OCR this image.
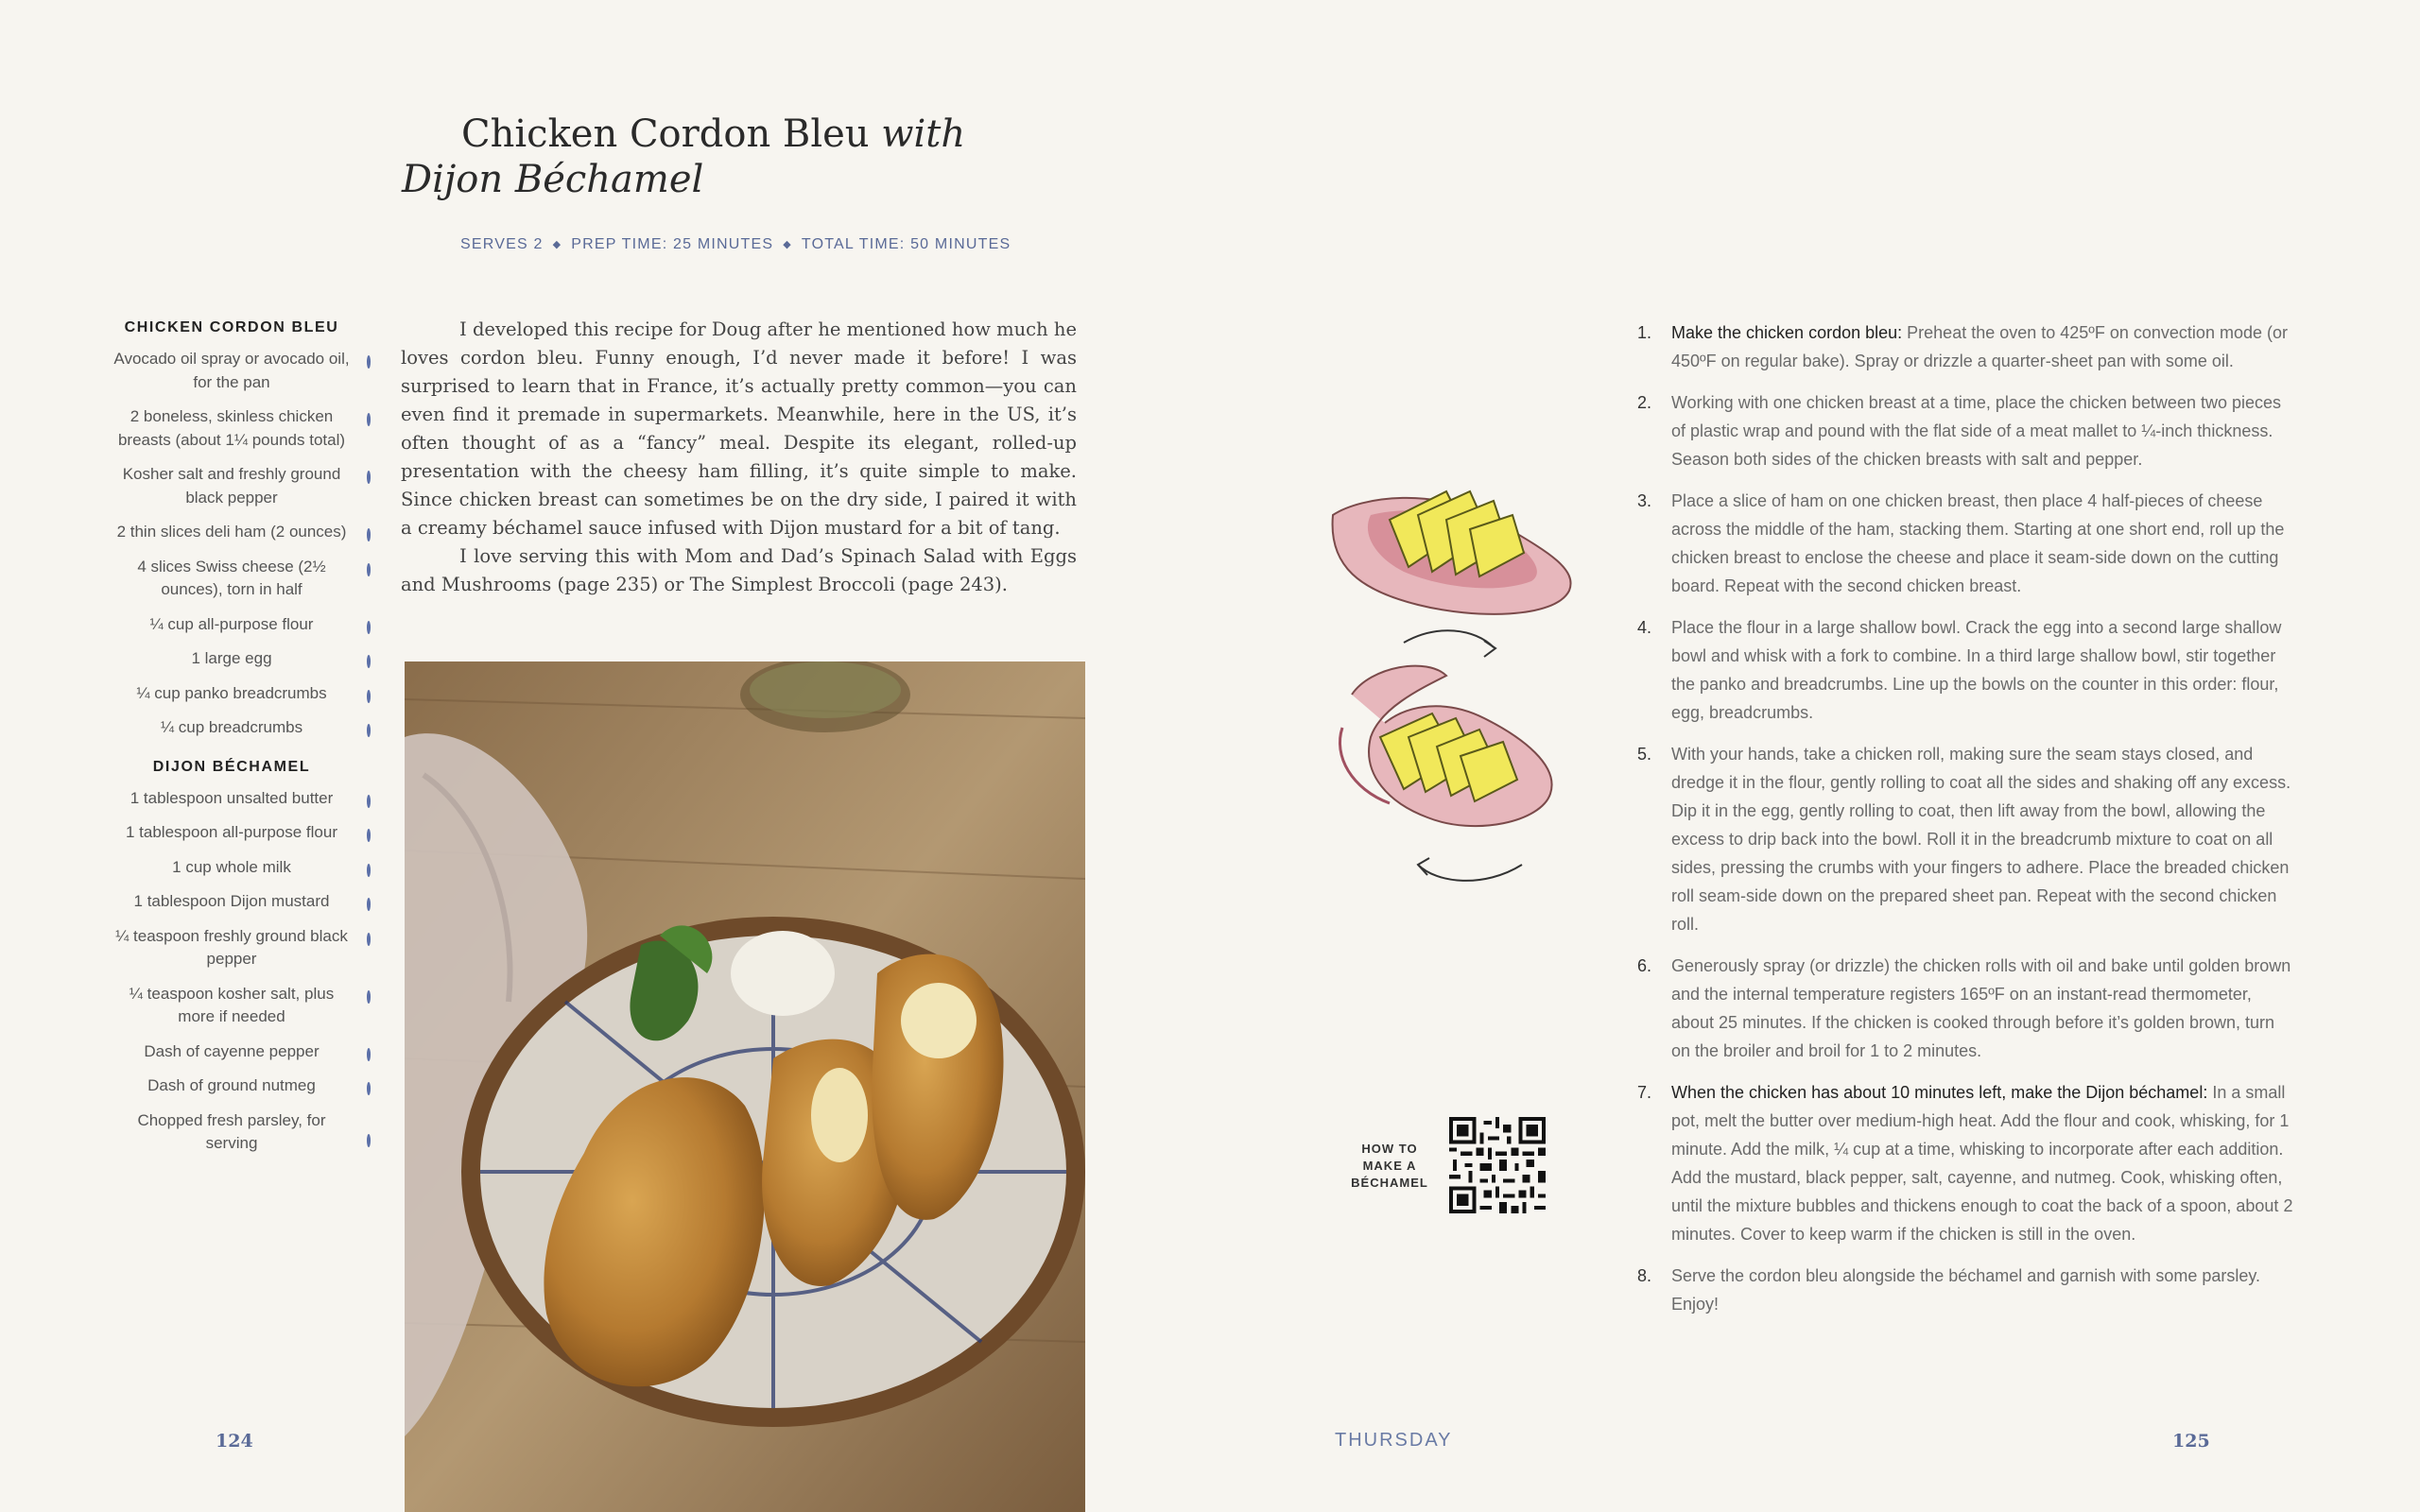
Chicken Cordon Bleu with
Dijon Béchamel
SERVES 2 ◆ PREP TIME: 25 MINUTES ◆ TOTAL TIME: 50 MINUTES
CHICKEN CORDON BLEU
Avocado oil spray or avocado oil, for the pan
2 boneless, skinless chicken breasts (about 1¼ pounds total)
Kosher salt and freshly ground black pepper
2 thin slices deli ham (2 ounces)
4 slices Swiss cheese (2½ ounces), torn in half
¼ cup all-purpose flour
1 large egg
¼ cup panko breadcrumbs
¼ cup breadcrumbs
DIJON BÉCHAMEL
1 tablespoon unsalted butter
1 tablespoon all-purpose flour
1 cup whole milk
1 tablespoon Dijon mustard
¼ teaspoon freshly ground black pepper
¼ teaspoon kosher salt, plus more if needed
Dash of cayenne pepper
Dash of ground nutmeg
Chopped fresh parsley, for serving

I developed this recipe for Doug after he mentioned how much he loves cordon bleu. Funny enough, I’d never made it before! I was surprised to learn that in France, it’s actually pretty common—you can even find it premade in supermarkets. Meanwhile, here in the US, it’s often thought of as a “fancy” meal. Despite its elegant, rolled-up presentation with the cheesy ham filling, it’s quite simple to make. Since chicken breast can sometimes be on the dry side, I paired it with a creamy béchamel sauce infused with Dijon mustard for a bit of tang.

I love serving this with Mom and Dad’s Spinach Salad with Eggs and Mushrooms (page 235) or The Simplest Broccoli (page 243).

HOW TO
MAKE A
BÉCHAMEL
1. Make the chicken cordon bleu: Preheat the oven to 425ºF on convection mode (or 450ºF on regular bake). Spray or drizzle a quarter-sheet pan with some oil.
2. Working with one chicken breast at a time, place the chicken between two pieces of plastic wrap and pound with the flat side of a meat mallet to ¼-inch thickness. Season both sides of the chicken breasts with salt and pepper.
3. Place a slice of ham on one chicken breast, then place 4 half-pieces of cheese across the middle of the ham, stacking them. Starting at one short end, roll up the chicken breast to enclose the cheese and place it seam-side down on the cutting board. Repeat with the second chicken breast.
4. Place the flour in a large shallow bowl. Crack the egg into a second large shallow bowl and whisk with a fork to combine. In a third large shallow bowl, stir together the panko and breadcrumbs. Line up the bowls on the counter in this order: flour, egg, breadcrumbs.
5. With your hands, take a chicken roll, making sure the seam stays closed, and dredge it in the flour, gently rolling to coat all the sides and shaking off any excess. Dip it in the egg, gently rolling to coat, then lift away from the bowl, allowing the excess to drip back into the bowl. Roll it in the breadcrumb mixture to coat on all sides, pressing the crumbs with your fingers to adhere. Place the breaded chicken roll seam-side down on the prepared sheet pan. Repeat with the second chicken roll.
6. Generously spray (or drizzle) the chicken rolls with oil and bake until golden brown and the internal temperature registers 165ºF on an instant-read thermometer, about 25 minutes. If the chicken is cooked through before it’s golden brown, turn on the broiler and broil for 1 to 2 minutes.
7. When the chicken has about 10 minutes left, make the Dijon béchamel: In a small pot, melt the butter over medium-high heat. Add the flour and cook, whisking, for 1 minute. Add the milk, ¼ cup at a time, whisking to incorporate after each addition. Add the mustard, black pepper, salt, cayenne, and nutmeg. Cook, whisking often, until the mixture bubbles and thickens enough to coat the back of a spoon, about 2 minutes. Cover to keep warm if the chicken is still in the oven.
8. Serve the cordon bleu alongside the béchamel and garnish with some parsley. Enjoy!
124	THURSDAY	125
